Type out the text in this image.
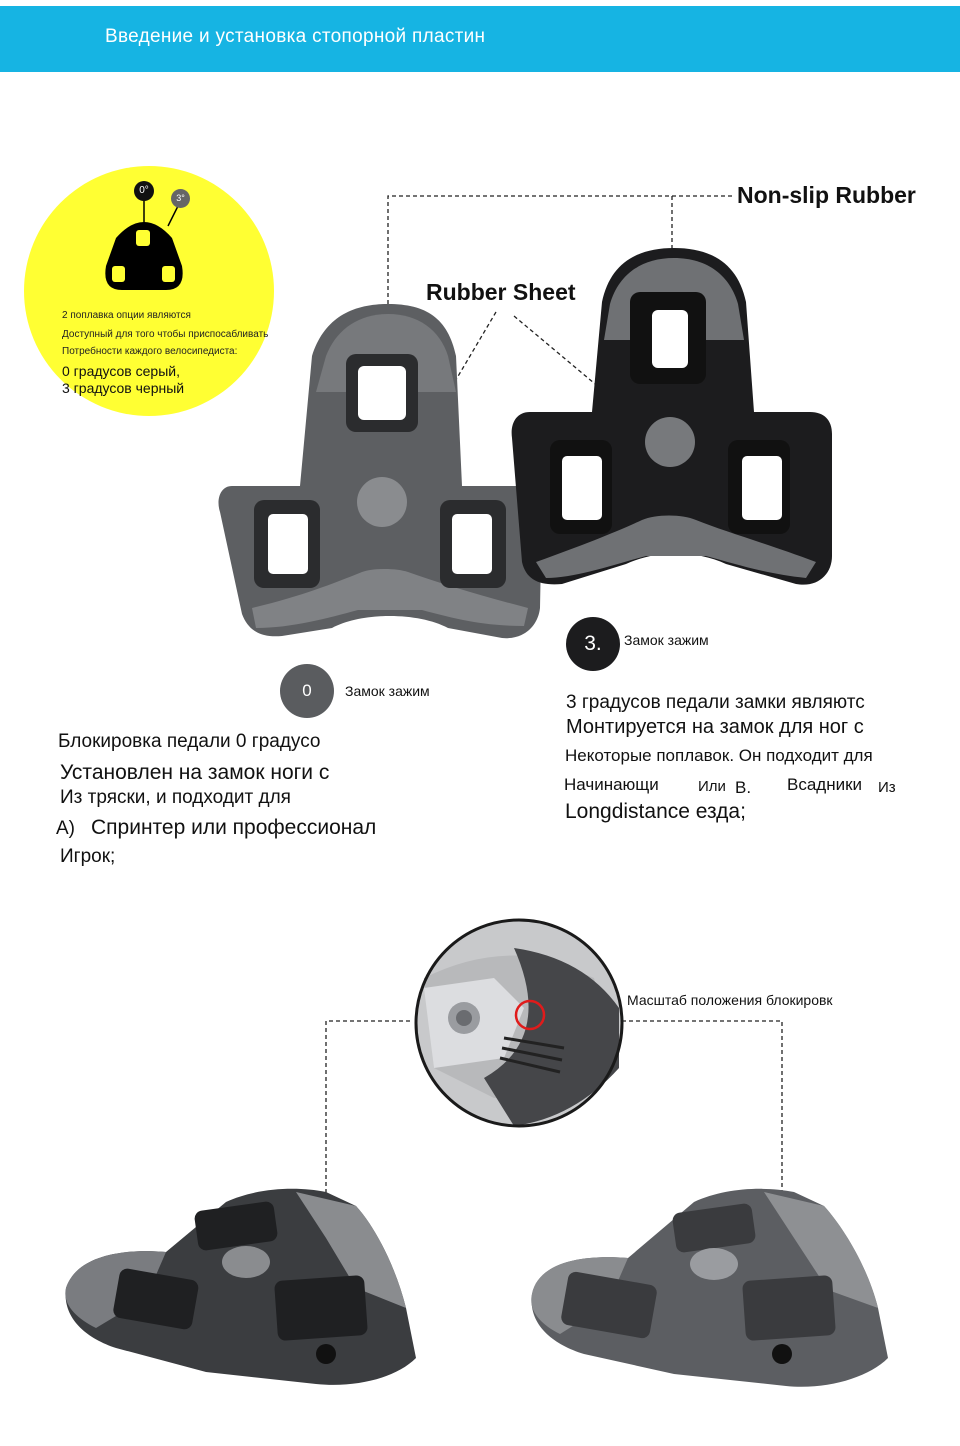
Введение и установка стопорной пластин
0°
3°
2 поплавка опции являются
Доступный для того чтобы приспосабливать
Потребности каждого велосипедиста:
0 градусов серый,
3 градусов черный
Non-slip Rubber
Rubber Sheet
0	Замок зажим
Блокировка педали 0 градусо
Установлен на замок ноги с
Из тряски, и подходит для
A) Спринтер или профессионал
Игрок;
3.	Замок зажим
3 градусов педали замки являютс
Монтируется на замок для ног с
Некоторые поплавок. Он подходит для
Начинающи	Или B. Всадники Из
Longdistance езда;
Масштаб положения блокировк
